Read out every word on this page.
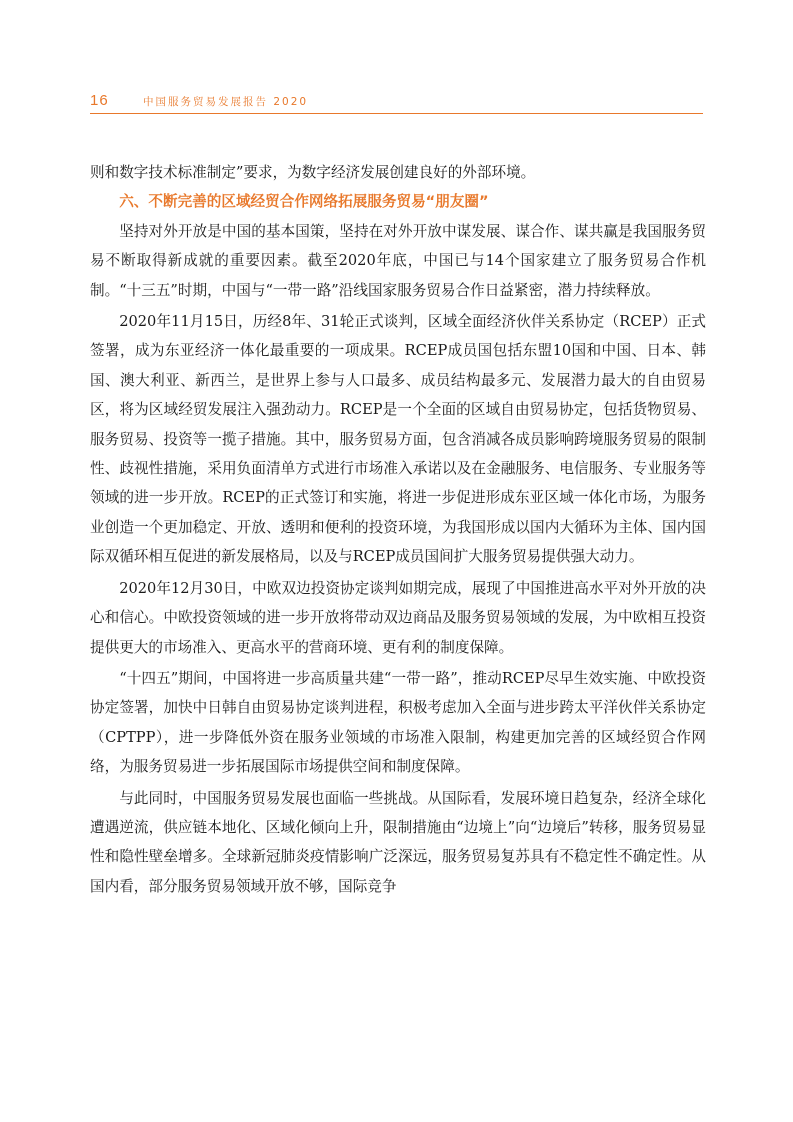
16	中国服务贸易发展报告 2020

则和数字技术标准制定”要求，为数字经济发展创建良好的外部环境。

六、不断完善的区域经贸合作网络拓展服务贸易“朋友圈”

坚持对外开放是中国的基本国策，坚持在对外开放中谋发展、谋合作、谋共赢是我国服务贸易不断取得新成就的重要因素。截至2020年底，中国已与14个国家建立了服务贸易合作机制。“十三五”时期，中国与“一带一路”沿线国家服务贸易合作日益紧密，潜力持续释放。

2020年11月15日，历经8年、31轮正式谈判，区域全面经济伙伴关系协定（RCEP）正式签署，成为东亚经济一体化最重要的一项成果。RCEP成员国包括东盟10国和中国、日本、韩国、澳大利亚、新西兰，是世界上参与人口最多、成员结构最多元、发展潜力最大的自由贸易区，将为区域经贸发展注入强劲动力。RCEP是一个全面的区域自由贸易协定，包括货物贸易、服务贸易、投资等一揽子措施。其中，服务贸易方面，包含消减各成员影响跨境服务贸易的限制性、歧视性措施，采用负面清单方式进行市场准入承诺以及在金融服务、电信服务、专业服务等领域的进一步开放。RCEP的正式签订和实施，将进一步促进形成东亚区域一体化市场，为服务业创造一个更加稳定、开放、透明和便利的投资环境，为我国形成以国内大循环为主体、国内国际双循环相互促进的新发展格局，以及与RCEP成员国间扩大服务贸易提供强大动力。

2020年12月30日，中欧双边投资协定谈判如期完成，展现了中国推进高水平对外开放的决心和信心。中欧投资领域的进一步开放将带动双边商品及服务贸易领域的发展，为中欧相互投资提供更大的市场准入、更高水平的营商环境、更有利的制度保障。

“十四五”期间，中国将进一步高质量共建“一带一路”，推动RCEP尽早生效实施、中欧投资协定签署，加快中日韩自由贸易协定谈判进程，积极考虑加入全面与进步跨太平洋伙伴关系协定（CPTPP），进一步降低外资在服务业领域的市场准入限制，构建更加完善的区域经贸合作网络，为服务贸易进一步拓展国际市场提供空间和制度保障。

与此同时，中国服务贸易发展也面临一些挑战。从国际看，发展环境日趋复杂，经济全球化遭遇逆流，供应链本地化、区域化倾向上升，限制措施由“边境上”向“边境后”转移，服务贸易显性和隐性壁垒增多。全球新冠肺炎疫情影响广泛深远，服务贸易复苏具有不稳定性不确定性。从国内看，部分服务贸易领域开放不够，国际竞争
